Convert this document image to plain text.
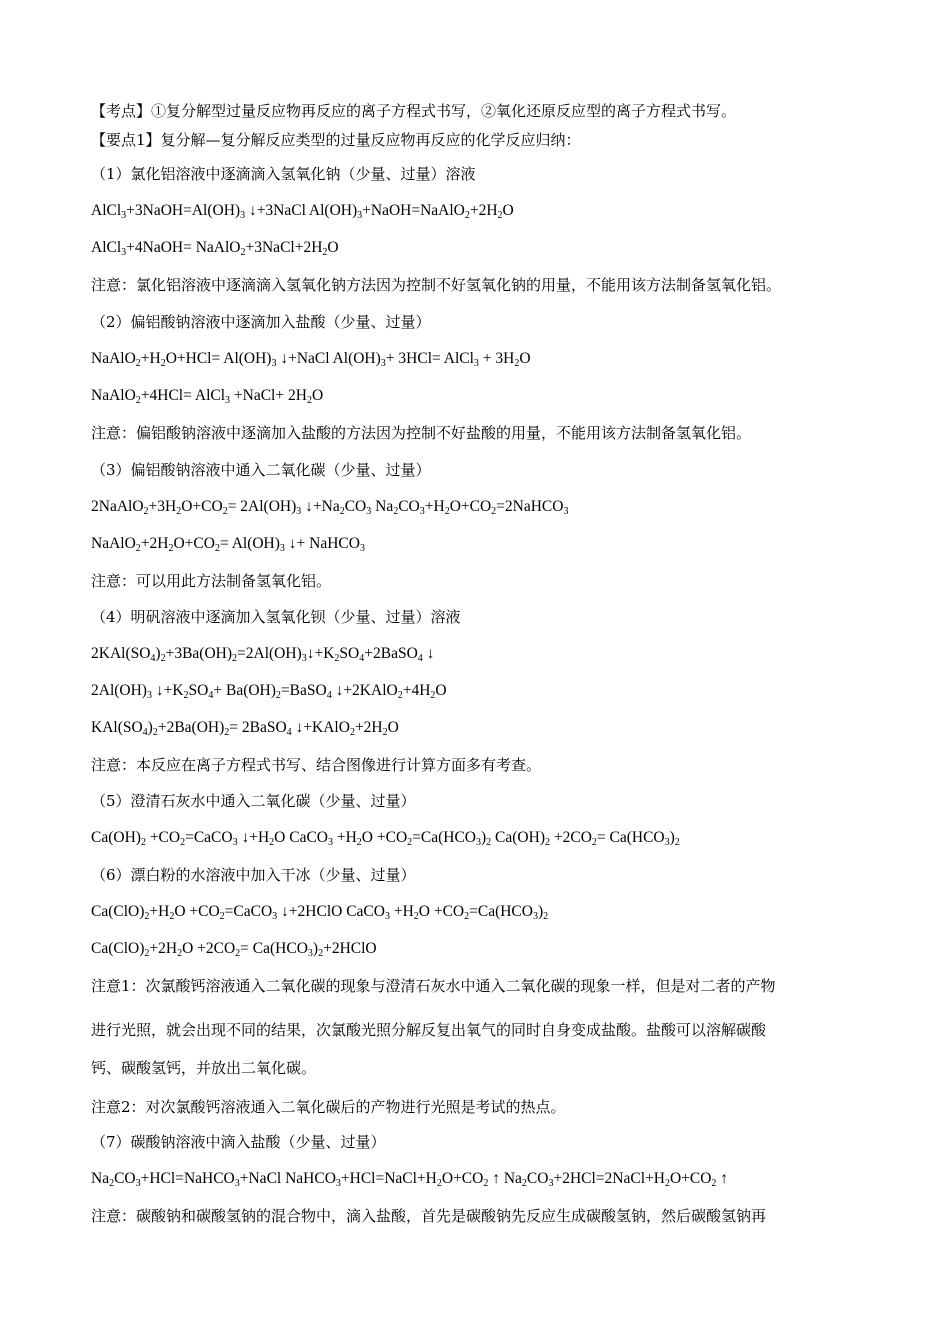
【考点】①复分解型过量反应物再反应的离子方程式书写，②氧化还原反应型的离子方程式书写。
【要点1】复分解—复分解反应类型的过量反应物再反应的化学反应归纳：
（1）氯化铝溶液中逐滴滴入氢氧化钠（少量、过量）溶液
$AlCl_3+3NaOH=Al(OH)_3$ ↓+3NaCl $Al(OH)_3+NaOH=NaAlO_2+2H_2O$
AlCl$_3$+4NaOH= $NaAlO_2+3NaCl+2H_2O$
注意：氯化铝溶液中逐滴滴入氢氧化钠方法因为控制不好氢氧化钠的用量，不能用该方法制备氢氧化铝。
（2）偏铝酸钠溶液中逐滴加入盐酸（少量、过量）
$NaAlO_2+H_2O+HCl= Al(OH)_3$ ↓+NaCl $Al(OH)_3+ 3HCl=$ AlCl$_3$ + $3H_2O$
NaAlO$_2$+4HCl= AlCl$_3$ +NaCl+ $2H_2O$
注意：偏铝酸钠溶液中逐滴加入盐酸的方法因为控制不好盐酸的用量，不能用该方法制备氢氧化铝。
（3）偏铝酸钠溶液中通入二氧化碳（少量、过量）
$2NaAlO_2+3H_2O+CO_2= 2Al(OH)_3$ $↓+Na_2CO_3$ $Na_2CO_3+H_2O+CO_2=2NaHCO_3$
$NaAlO_2+2H_2O+CO_2= Al(OH)_3$ ↓+ NaHCO$_3$
注意：可以用此方法制备氢氧化铝。
（4）明矾溶液中逐滴加入氢氧化钡（少量、过量）溶液
$2KAl(SO_4)_2+3Ba(OH)_2=2Al(OH)_3↓+K_2SO_4+2BaSO_4$ ↓
$2Al(OH)_3$ $↓+K_2SO_4+$ $Ba(OH)_2=BaSO_4$ $↓+2KAlO_2+4H_2O$
$KAl(SO_4)_2+2Ba(OH)_2=$ 2BaSO$_4$ $↓+KAlO_2+2H_2O$
注意：本反应在离子方程式书写、结合图像进行计算方面多有考查。
（5）澄清石灰水中通入二氧化碳（少量、过量）
$Ca(OH)_2$ $+CO_2=CaCO_3$ $↓+H_2O$ CaCO$_3$ $+H_2O +CO_2=Ca(HCO_3)_2$ $Ca(OH)_2 +2CO_2= Ca(HCO_3)_2$
（6）漂白粉的水溶液中加入干冰（少量、过量）
$Ca(ClO)_2+H_2O$ $+CO_2=CaCO_3$ ↓+2HClO CaCO$_3$ $+H_2O +CO_2=Ca(HCO_3)_2$
$Ca(ClO)_2+2H_2O +2CO_2=$ $Ca(HCO_3)_2+2HClO$
注意1：次氯酸钙溶液通入二氧化碳的现象与澄清石灰水中通入二氧化碳的现象一样，但是对二者的产物
进行光照，就会出现不同的结果，次氯酸光照分解反复出氧气的同时自身变成盐酸。盐酸可以溶解碳酸
钙、碳酸氢钙，并放出二氧化碳。
注意2：对次氯酸钙溶液通入二氧化碳后的产物进行光照是考试的热点。
（7）碳酸钠溶液中滴入盐酸（少量、过量）
$Na_2CO_3+HCl=NaHCO_3+NaCl$ $NaHCO_3+HCl=NaCl+H_2O+CO_2$ ↑ $Na_2CO_3+2HCl=2NaCl+H_2O+CO_2$ ↑
注意：碳酸钠和碳酸氢钠的混合物中，滴入盐酸，首先是碳酸钠先反应生成碳酸氢钠，然后碳酸氢钠再
